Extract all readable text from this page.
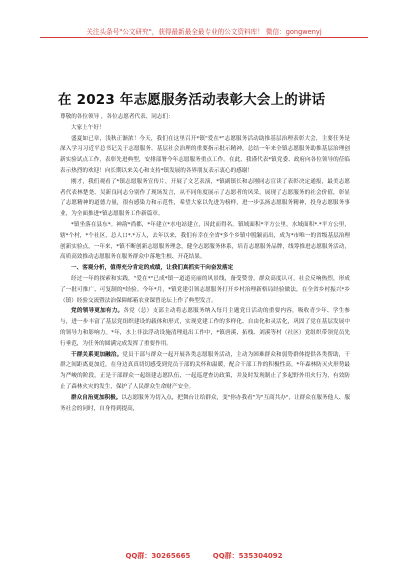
关注头条号"公文研究"，获得最新最全最专业的公文资料库！ 微信：gongwenyj
在 2023 年志愿服务活动表彰大会上的讲话

尊敬的各位领导 ，各位志愿者代表、同志们：

大家上午好！

盛夏如已章，浅秋正渐浓！今天，我们在这里召开*镇"爱在*"志愿服务活动助推基层治理表彰大会，主要任务是深入学习习近平总书记关于志愿服务、基层社会治理的重要指示批示精神，总结一年来全镇志愿服务助推基层治理创新实验试点工作，表彰先进典型，安排部署今年志愿服务重点工作。在此，我谨代表*镇党委、政府向各位领导的莅临表示热烈的欢迎！向长期以来关心和支持*镇发展的各界朋友表示衷心的感谢！

刚才，我们观看了*镇志愿服务宣传片，开展了文艺表演，*镇副镇长和志刚同志宣读了表彰决定通报，最美志愿者代表林楚尧、吴新良同志分别作了现场发言，从不同角度展示了志愿者的风采，展现了志愿服务的社会价值，彰显了志愿精神的道德力量，很有感染力和示范性，希望大家以先进为榜样，进一步弘扬志愿服务精神，投身志愿服务事业，为全面推进*镇志愿服务工作新篇章。

*镇坐落在县东*。神韵*尚都，*年建立*水电站建立，因此而得名。镇域面积*平方公里，水域面积*.*平方公里，辖*个村，*个社区，总人口*.*万人，去年以来，我们有幸在全省*多个乡镇中脱颖而出，成为*市唯一的省级基层治理创新实验点，一年来，*镇不断创新志愿服务理念，健全志愿服务体系，培育志愿服务品牌，线筹推进志愿服务活动，高质高效推动志愿服务在服务群众中落地生根、开花结果。

一、客观分析，值得充分肯定的成绩，让我们真抓实干向奋发落定

经过一年的探索和实践，"爱在*"已成*镇一道道亮丽的风景线，备受赞誉，群众高度认可，社会反响热烈，形成了一批可推广、可复制的*经验。今年*月，*镇党建引领志愿服务打开乡村治理新格局经验做法，在全省乡村振兴*乡（镇）经验交流暨法治保障邮箱农业课曾论坛上作了典型发言。

党的领导更加有力。各党（总）支部主动将志愿服务纳入每月主题党日活动的重要内容，吸收青少年、学生参与，进一步丰富了基层党组织建设的载体和形式，实现党建工作的多样化、自由化和灵活化，巩固了党在基层发展中的领导力和影响力。*年，水上非法浮动设施清理退出工作中，*镇唐溪、拓栈、刘溪等村（社区）党组织带领党员先行垂范，为任务的圆满完成发挥了重要作用。

干群关系更加融洽。党员干部与群众一起开展各类志愿服务活动，主动为困难群众和弱势群体提供各类帮助，干群之间距离更加近，在身边真真切切感受到党员干部的关怀和温暖，配合干部工作的积极性高。*年森林防灭火形势最为严峻的阶段，正是干部群众一起组建志愿队伍，一起巡逻查访政策，并及时发现制止了多起野外用火行为，有效防止了森林火灾的发生，保护了人民群众生命财产安全。

群众自治更加积极。以志愿服务为切入点，把舞台让给群众，变"你办我看"为"互商共办"，让群众在服务他人、服务社会的同时，自身得到提高，

QQ群：30265665	QQ群：535304092
